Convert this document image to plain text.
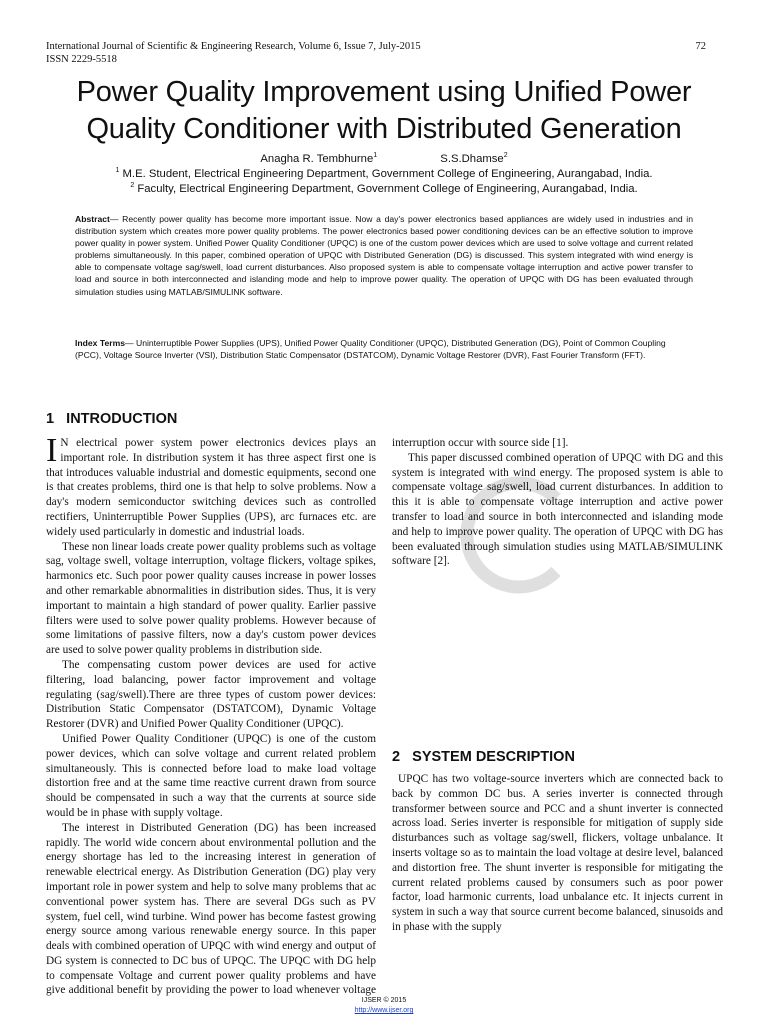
International Journal of Scientific & Engineering Research, Volume 6, Issue 7, July-2015
ISSN 2229-5518
72
Power Quality Improvement using Unified Power
Quality Conditioner with Distributed Generation
Anagha R. Tembhurne$^1$	S.S.Dhamse$^2$
$^1$ M.E. Student, Electrical Engineering Department, Government College of Engineering, Aurangabad, India.
$^2$ Faculty, Electrical Engineering Department, Government College of Engineering, Aurangabad, India.
Abstract— Recently power quality has become more important issue. Now a day's power electronics based appliances are widely used in industries and in distribution system which creates more power quality problems. The power electronics based power conditioning devices can be an effective solution to improve power quality in power system. Unified Power Quality Conditioner (UPQC) is one of the custom power devices which are used to solve voltage and current related problems simultaneously. In this paper, combined operation of UPQC with Distributed Generation (DG) is discussed. This system integrated with wind energy is able to compensate voltage sag/swell, load current disturbances. Also proposed system is able to compensate voltage interruption and active power transfer to load and source in both interconnected and islanding mode and help to improve power quality. The operation of UPQC with DG has been evaluated through simulation studies using MATLAB/SIMULINK software.
Index Terms— Uninterruptible Power Supplies (UPS), Unified Power Quality Conditioner (UPQC), Distributed Generation (DG), Point of Common Coupling (PCC), Voltage Source Inverter (VSI), Distribution Static Compensator (DSTATCOM), Dynamic Voltage Restorer (DVR), Fast Fourier Transform (FFT).
1 INTRODUCTION

I N electrical power system power electronics devices plays an important role. In distribution system it has three aspect first one is that introduces valuable industrial and domestic equipments, second one is that creates problems, third one is that help to solve problems. Now a day's modern semiconductor switching devices such as controlled rectifiers, Uninterruptible Power Supplies (UPS), arc furnaces etc. are widely used particularly in domestic and industrial loads.

These non linear loads create power quality problems such as voltage sag, voltage swell, voltage interruption, voltage flickers, voltage spikes, harmonics etc. Such poor power quality causes increase in power losses and other remarkable abnormalities in distribution sides. Thus, it is very important to maintain a high standard of power quality. Earlier passive filters were used to solve power quality problems. However because of some limitations of passive filters, now a day's custom power devices are used to solve power quality problems in distribution side.

The compensating custom power devices are used for active filtering, load balancing, power factor improvement and voltage regulating (sag/swell).There are three types of custom power devices: Distribution Static Compensator (DSTATCOM), Dynamic Voltage Restorer (DVR) and Unified Power Quality Conditioner (UPQC).

Unified Power Quality Conditioner (UPQC) is one of the custom power devices, which can solve voltage and current related problem simultaneously. This is connected before load to make load voltage distortion free and at the same time reactive current drawn from source should be compensated in such a way that the currents at source side would be in phase with supply voltage.

The interest in Distributed Generation (DG) has been increased rapidly. The world wide concern about environmental pollution and the energy shortage has led to the increasing interest in generation of renewable electrical energy. As Distribution Generation (DG) play very important role in power system and help to solve many problems that ac conventional power system has. There are several DGs such as PV system, fuel cell, wind turbine. Wind power has become fastest growing energy source among various renewable energy source. In this paper deals with combined operation of UPQC with wind energy and output of DG system is connected to DC bus of UPQC. The UPQC with DG help to compensate Voltage and current power quality problems and have give additional benefit by providing the power to load whenever voltage

interruption occur with source side [1].

This paper discussed combined operation of UPQC with DG and this system is integrated with wind energy. The proposed system is able to compensate voltage sag/swell, load current disturbances. In addition to this it is able to compensate voltage interruption and active power transfer to load and source in both interconnected and islanding mode and help to improve power quality. The operation of UPQC with DG has been evaluated through simulation studies using MATLAB/SIMULINK software [2].

2 SYSTEM DESCRIPTION

UPQC has two voltage-source inverters which are connected back to back by common DC bus. A series inverter is connected through transformer between source and PCC and a shunt inverter is connected across load. Series inverter is responsible for mitigation of supply side disturbances such as voltage sag/swell, flickers, voltage unbalance. It inserts voltage so as to maintain the load voltage at desire level, balanced and distortion free. The shunt inverter is responsible for mitigating the current related problems caused by consumers such as poor power factor, load harmonic currents, load unbalance etc. It injects current in system in such a way that source current become balanced, sinusoids and in phase with the supply

IJSER © 2015
http://www.ijser.org
